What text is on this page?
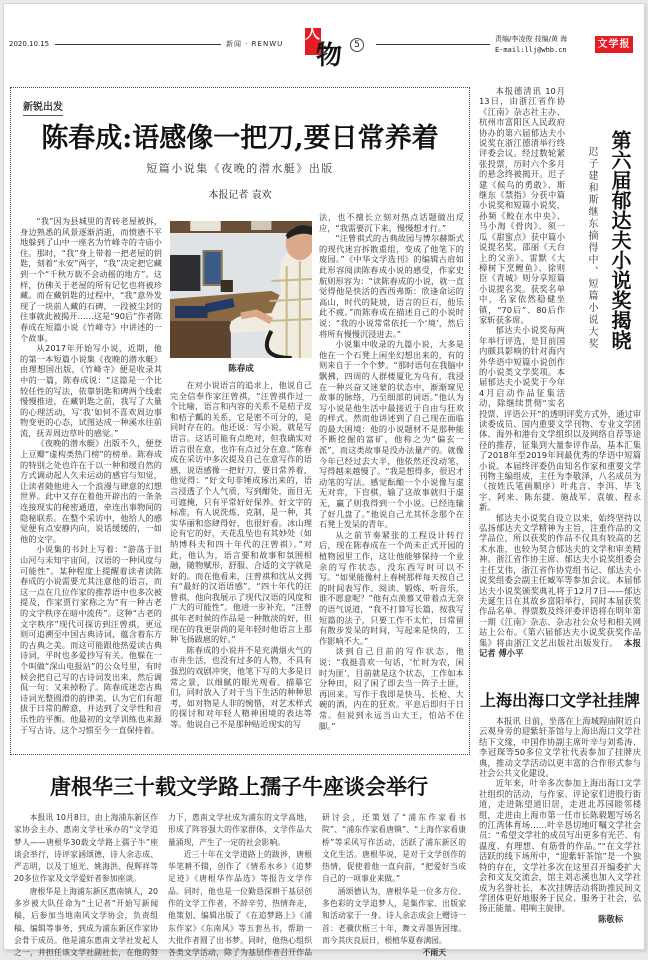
2020.10.15	新闻 · RENWU
人
物	5
责编/李凌俊 技编/黄 海
E-mail:llj@whb.cn	文学报
新锐出发
陈春成:语感像一把刀,要日常养着
短篇小说集《夜晚的潜水艇》出版
本报记者 袁欢

“我”因为县城里的青砖老屋被拆，身边熟悉的风景逐渐消逝，而愤懑不平地躲到了山中一座名为竹峰寺的寺庙小住。那时，“我”身上带着一把老屋的钥匙，刻着“永安”两字，“我”决定把它藏到一个“千秋万载不会动摇的地方”。这样，仿佛关于老屋的所有记忆也将被珍藏。而在藏钥匙的过程中，“我”意外发现了一块前人藏的石碑，一段被尘封的往事就此被揭开……这是“90后”作者陈春成在短篇小说《竹峰寺》中讲述的一个故事。

从2017年开始写小说，近期，他的第一本短篇小说集《夜晚的潜水艇》由理想国出版，《竹峰寺》便是收录其中的一篇，陈春成说：“这篇是一个比较任性的写法，依靠钥匙和碑两个线索慢慢推进，在藏钥匙之前，我写了大量的心理活动，写‘我’如何不喜欢周边事物变更的心态，试图达成一种溪水往前流，抚弄周边草叶的感觉。”

《夜晚的潜水艇》出版不久，便登上豆瓣“虚构类热门榜”的榜单。陈春成的特别之处也许在于以一种和缓自然的方式调动起人久未运动的感官与知觉，让读者随他进入一个浪漫与肆意的幻想世界。此中又存在着他开辟出的一条条连接现实的秘密通道，牵连出事物间的隐秘联系。在整个采访中，他给人的感觉便有点安静内向，说话缓缓的，一如他的文字。

小说集的书封上写着：“游荡于旧山河与未知宇宙间，汉语的一种风度与可能性”。某种程度上提醒着读者读陈春成的小说需要尤其注意他的语言，而这一点在几位作家的推荐语中也多次被提及，作家贾行家称之为“有一种古老的文字秩序在暗中流传”。这种“古老的文字秩序”现代可探访到汪曾祺，更远则可追溯至中国古典诗词，蕴含着东方的古典之美。而这可能跟他热爱读古典诗词，平时也多爱抄写有关。他躲在一个叫做“深山电报站”的公众号里，有时候会把自己写的古诗词发出来，然后调侃一句：又来掉粉了。陈春成迷恋古典诗词光整圆滑的韵律美，认为它们有超拔于日常的醉意，并达到了文学性和音乐性的平衡。他最初的文学训练也来源于写古诗，这个习惯至今一直保持着。

陈春成

在对小说语言的追求上，他说自己完全信奉作家汪曾祺，“汪曾祺作过一个比喻，语言和内容的关系不是桔子皮和桔子瓤的关系，它是密不可分的，是同时存在的。他还说：写小说，就是写语言。这话可能有点绝对，但我确实对语言很在意，也许有点过分在意。”陈春成在采访中多次提及自己在意写作的语感，说语感像一把好刀，要日常养着，他觉得：“好文句非锤成琢出来的，语言浸透了个人气质，写到酣处，面目无可遮掩，只有平常好好保养。好文字的标准，有人说洗炼、克制，是一种，其实华丽和恣肆得好，也很好看。冰山理论有它的好，天花乱坠也有其妙处（如纳博科夫和四十年代的汪曾祺）。”对此，他认为，语言要和故事和氛围相融，随物赋形，舒服、合适的文字就是好的。而在他看来，汪曾祺和沈从文拥有“最好的汉语语感”，“四十年代的汪曾祺，他向我展示了现代汉语的风度和广大的可能性”。他进一步补充，“汪曾祺年老时候的作品是一种散淡的好，但现在的我更崇尚的是年轻时他语言上那种飞扬跋扈的好。”

陈春成的小说并不是充满烟火气的市井生活，也没有过多的人物，不具有强烈的戏剧冲突，他笔下写的大多是日常之景，以细腻的眼光观看、描摹它们，同时放入了对于当下生活的种种思考，如对物是人非的惋惜，对艺术样式的探讨和对年轻人精神困境的表达等等。他说自己不是那种贴近现实的写

法，也不擅长立刻对热点话题做出反应，“我需要沉下来，慢慢想才行。”

“汪曾祺式的古典故园与博尔赫斯式的现代迷宫拆散重组，变成了他笔下的废园。”《中华文学选刊》的编辑古肩如此形容阅读陈春成小说的感受，作家史航则形容为：“读陈春成的小说，就一直觉得他是快活的西西弗斯：欣逢命运的高山，时代的陡坡，语言的巨石，他乐此不疲。”而陈春成在描述自己的小说时说：“我的小说常常依托一个‘境’，然后将所有慢慢沉浸进去。”

小说集中收录的九篇小说，大多是他在一个石凳上闲坐幻想出来的，有的则来自于一个个梦。“那时语句在我脑中飘拂，四周的人群楼厦化为乌有，我浸在一种兴奋又迷蒙的状态中，渐渐窥见故事的脉络，乃至细部的词语。”他认为写小说是他生活中最接近于自由与狂欢的样式。然而他讲述到了自己现在面临的最大困境：他的小说题材不是那种能不断挖掘的富矿，他称之为“偏玄一派”，而这类故事是没办法量产的。就像今年已经过去大半，他依然还没动笔，写得越来越慢了。“我是想得多，很迟才动笔的写法。感觉酝酿一个小说像与虚无对弈，下盲棋，输了这故事就归于虚无，赢了则我得到一个小说。已经连输了好几盘了。”他说自己尤其怀念那个在石凳上发呆的青年。

从之前节奏紧张的工程设计转行后，现在陈春成在一个尚未正式开园的植物园里工作，这让他能够保持一个业余的写作状态，没东西写时可以不写。“如果能像村上春树那样每天按自己的时间表写作、阅读、锻炼、听音乐，谁不愿意呢？”他有点羡慕又带着点无奈的语气说道，“我不打算写长篇，按我写短篇的法子，只要工作不太忙，日常留有散步发呆的时间，写起来是快的，工作影响不大。”

谈到自己目前的写作状态，他说：“我挺喜欢一句话，‘忙时为农，闲时为匪’，目前就是这个状态，工作如本分种田，闷了闲了即去当一阵子土匪，再回来。写作于我即是快马、长枪、大碗的酒，内在的狂欢。平息后即归于日常。但说到永远当山大王，怕站不住脚。”

第六届郁达夫小说奖揭晓
迟子建和斯继东摘得中、短篇小说大奖

本报德清讯 10月13日，由浙江省作协《江南》杂志社主办、杭州市富阳区人民政府协办的第六届郁达夫小说奖在浙江德清举行终评委会议。经过数轮紧张投票，历时六个多月的悬念终被揭开。迟子建《候鸟的勇敢》、斯继东《禁指》分获中篇小说奖和短篇小说奖，孙频《鲛在水中央》、马小淘《骨肉》、须一瓜《甜蜜点》获中篇小说提名奖，邵丽《天台上的父亲》、雷默《大樟树下烹鲤鱼》、徐则臣《青城》则分享短篇小说提名奖。获奖名单中，名家依然稳健坐镇，“70后”、80后作家斩获多席。

郁达夫小说奖每两年举行评选，是目前国内颇具影响的针对海内外华语中短篇小说创作的小说类文学奖项。本届郁达夫小说奖于今年4月启动作品征集活动，除继续贯彻“实名投票、评语公开”的透明评奖方式外，通过审读委成员、国内重要文学刊物、专业文学团体、海外和港台文学组织以及网络自荐等途径的推荐，征集到大量参评作品，基本汇集了2018年至2019年间最优秀的华语中短篇小说。本届终评委仍由知名作家和重要文学刊物主编组成，主任为李敬泽，八名成员为（按姓氏笔画顺序）叶兆言、李洱、毕飞宇、阿来、陈东捷、施战军、袁敏、程永新。

郁达夫小说奖自设立以来，始终坚持以弘扬郁达夫文学精神为主旨，注重作品的文学品位，所以获奖的作品不仅具有较高的艺术水准，也较为契合郁达夫的文学和审美精神。浙江省作协主席、郁达夫小说奖组委会主任艾伟，浙江省作协党组书记、郁达夫小说奖组委会副主任臧军等参加会议。本届郁达夫小说奖颁奖典礼将于12月7日——郁达夫诞生日在其故乡富阳举行，同时本届获奖作品名单、得票数及终评委评语将在明年第一期《江南》杂志、杂志社公众号和相关网站上公布。《第六届郁达夫小说奖获奖作品集》将由浙江文艺出版社出版发行。 本报记者 傅小平

上海出海口文学社挂牌

本报讯 日前，坐落在上海城隍庙附近白云观身旁的迎紫轩茶馆与上海出海口文学社结下文缘，中国作协副主席叶辛与刘希涛、李冠琛等50多位文学社代表参加了挂牌庆典，推动文学活动以更丰富的合作形式参与社会公共文化建设。

近年来，叶辛多次参加上海出海口文学社组织的活动，与作家、评论家们进股行街道，走进陈望道旧居，走进北苏园睦邻楼组，走进由上海市第一任市长陈毅题写场名的江湾体育场……叶辛恳切地叮嘱文学社会员：“希望文学社的成员写出更多有光芒、有温度、有理想、有筋骨的作品。”“在文学社活跃的线下场所中，“迎紫轩茶馆”是一个独特的存在，文学社多次在这里召开编委扩大会和文友交流会，馆主刘志溪也加入文学社成为名誉社长，本次挂牌活动将助推民间文学团体更好地服务于民众、服务于社会，弘扬正能量、唱响主旋律。

陈敬标
唐根华三十载文学路上孺子牛座谈会举行

本报讯 10月8日，由上海浦东新区作家协会主办、惠南文学社承办的“文学追梦人——唐根华30载文学路上孺子牛”座谈会举行，诗评家涵颂德，诗人余志成、严志明，以及丁旭光、姚海洪、倪辉祥等20多位作家及文学爱好者参加座谈。

唐根华是上海浦东新区惠南镇人，20多岁被大队任命为“土记者”开始写新闻稿，后参加当地南风文学协会，负责组稿、编辑等事务，到成为浦东新区作家协会骨干成员。他是浦东惠南文学社发起人之一，并担任该文学社副社长，在他的努力下，惠南文学社成为浦东的文学高地，形成了阵容强大的作家群体，文学作品大量涌现，产生了一定的社会影响。

近三十年在文学道路上的跋涉，唐根华笔耕不辍，创作了《情系水乡》《追梦足迹》《唐根华作品选》等报告文学作品。同时，他也是一位勤恳深耕于基层创作的文学工作者，不辞辛劳，热情奔走，他策划、编辑出版了《在追梦路上》《浦东作家》《东南风》等五套丛书，帮助一大批作者圆了出书梦。同时，他热心组织各类文学活动，除了为基层作者召开作品研讨会，还策划了“浦东作家看书院”、“浦东作家看唐镇”、“上海作家看康桥”等采风写作活动，活跃了浦东新区的文化生活。唐根华说，是对于文学创作的热情，促使着他一直向前，“把爱好当成自己的一项事业来做。”

涵颂德认为，唐根华是一位多方位、多色彩的文学追梦人，是集作家、出版家和活动家于一身。诗人余志成会上赠诗一首：老骥伏枥三十年，舞文弄墨皆因缘。而今其庆良辰日，根植华夏春满园。

不雨天
